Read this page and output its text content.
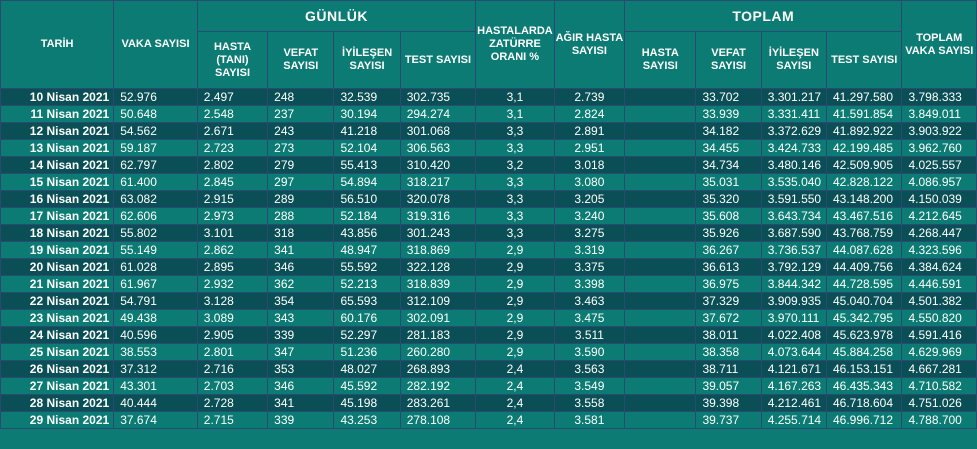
TARİH	VAKA SAYISI	GÜNLÜK				HASTALARDA ZATÜRRE ORANI %	AĞIR HASTA SAYISI	TOPLAM				TOPLAM VAKA SAYISI
		HASTA (TANI) SAYISI	VEFAT SAYISI	İYİLEŞEN SAYISI	TEST SAYISI			HASTA SAYISI	VEFAT SAYISI	İYİLEŞEN SAYISI	TEST SAYISI	
10 Nisan 2021	52.976	2.497	248	32.539	302.735	3,1	2.739		33.702	3.301.217	41.297.580	3.798.333
11 Nisan 2021	50.648	2.548	237	30.194	294.274	3,1	2.824		33.939	3.331.411	41.591.854	3.849.011
12 Nisan 2021	54.562	2.671	243	41.218	301.068	3,3	2.891		34.182	3.372.629	41.892.922	3.903.922
13 Nisan 2021	59.187	2.723	273	52.104	306.563	3,3	2.951		34.455	3.424.733	42.199.485	3.962.760
14 Nisan 2021	62.797	2.802	279	55.413	310.420	3,2	3.018		34.734	3.480.146	42.509.905	4.025.557
15 Nisan 2021	61.400	2.845	297	54.894	318.217	3,3	3.080		35.031	3.535.040	42.828.122	4.086.957
16 Nisan 2021	63.082	2.915	289	56.510	320.078	3,3	3.205		35.320	3.591.550	43.148.200	4.150.039
17 Nisan 2021	62.606	2.973	288	52.184	319.316	3,3	3.240		35.608	3.643.734	43.467.516	4.212.645
18 Nisan 2021	55.802	3.101	318	43.856	301.243	3,3	3.275		35.926	3.687.590	43.768.759	4.268.447
19 Nisan 2021	55.149	2.862	341	48.947	318.869	2,9	3.319		36.267	3.736.537	44.087.628	4.323.596
20 Nisan 2021	61.028	2.895	346	55.592	322.128	2,9	3.375		36.613	3.792.129	44.409.756	4.384.624
21 Nisan 2021	61.967	2.932	362	52.213	318.839	2,9	3.398		36.975	3.844.342	44.728.595	4.446.591
22 Nisan 2021	54.791	3.128	354	65.593	312.109	2,9	3.463		37.329	3.909.935	45.040.704	4.501.382
23 Nisan 2021	49.438	3.089	343	60.176	302.091	2,9	3.475		37.672	3.970.111	45.342.795	4.550.820
24 Nisan 2021	40.596	2.905	339	52.297	281.183	2,9	3.511		38.011	4.022.408	45.623.978	4.591.416
25 Nisan 2021	38.553	2.801	347	51.236	260.280	2,9	3.590		38.358	4.073.644	45.884.258	4.629.969
26 Nisan 2021	37.312	2.716	353	48.027	268.893	2,4	3.563		38.711	4.121.671	46.153.151	4.667.281
27 Nisan 2021	43.301	2.703	346	45.592	282.192	2,4	3.549		39.057	4.167.263	46.435.343	4.710.582
28 Nisan 2021	40.444	2.728	341	45.198	283.261	2,4	3.558		39.398	4.212.461	46.718.604	4.751.026
29 Nisan 2021	37.674	2.715	339	43.253	278.108	2,4	3.581		39.737	4.255.714	46.996.712	4.788.700
